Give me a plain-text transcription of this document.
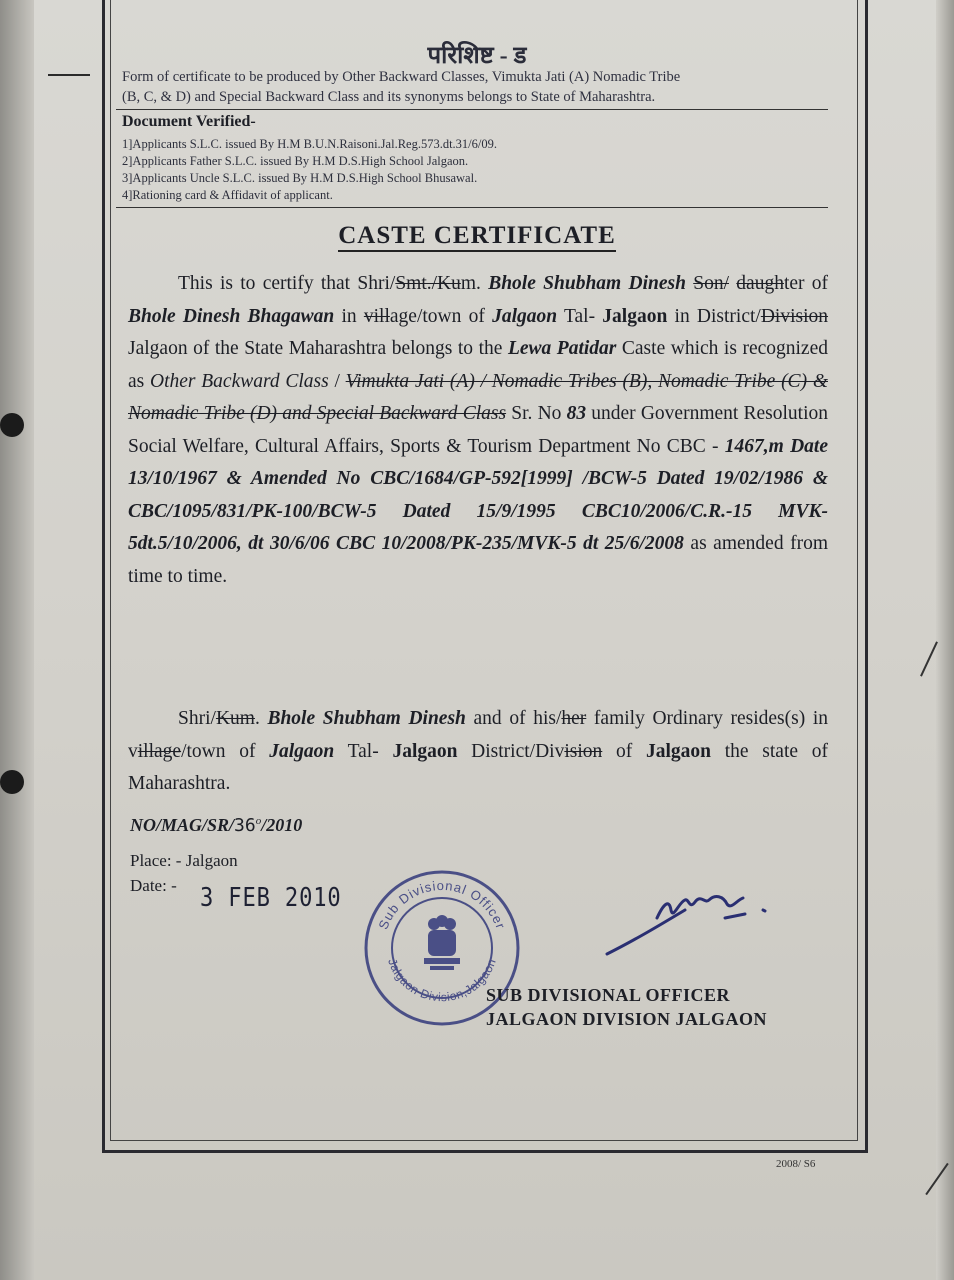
परिशिष्ट - ड
Form of certificate to be produced by Other Backward Classes, Vimukta Jati (A) Nomadic Tribe
(B, C, & D) and Special Backward Class and its synonyms belongs to State of Maharashtra.
Document Verified-
1]Applicants S.L.C. issued By H.M B.U.N.Raisoni.Jal.Reg.573.dt.31/6/09.
2]Applicants Father S.L.C. issued By H.M D.S.High School Jalgaon.
3]Applicants Uncle S.L.C. issued By H.M D.S.High School Bhusawal.
4]Rationing card & Affidavit of applicant.
CASTE CERTIFICATE
This is to certify that Shri/Smt./Kum. Bhole Shubham Dinesh Son/ daughter of Bhole Dinesh Bhagawan in village/town of Jalgaon Tal- Jalgaon in District/Division Jalgaon of the State Maharashtra belongs to the Lewa Patidar Caste which is recognized as Other Backward Class / Vimukta Jati (A) / Nomadic Tribes (B), Nomadic Tribe (C) & Nomadic Tribe (D) and Special Backward Class Sr. No 83 under Government Resolution Social Welfare, Cultural Affairs, Sports & Tourism Department No CBC - 1467,m Date 13/10/1967 & Amended No CBC/1684/GP-592[1999] /BCW-5 Dated 19/02/1986 & CBC/1095/831/PK-100/BCW-5 Dated 15/9/1995 CBC10/2006/C.R.-15 MVK-5dt.5/10/2006, dt 30/6/06 CBC 10/2008/PK-235/MVK-5 dt 25/6/2008 as amended from time to time.
Shri/Kum. Bhole Shubham Dinesh and of his/her family Ordinary resides(s) in village/town of Jalgaon Tal- Jalgaon District/Division of Jalgaon the state of Maharashtra.
NO/MAG/SR/36$^o$/2010
Place: - Jalgaon
Date: - 3 FEB 2010
Sub Divisional Officer
Jalgaon Division,Jalgaon
SUB DIVISIONAL OFFICER
JALGAON DIVISION JALGAON
2008/ S6
